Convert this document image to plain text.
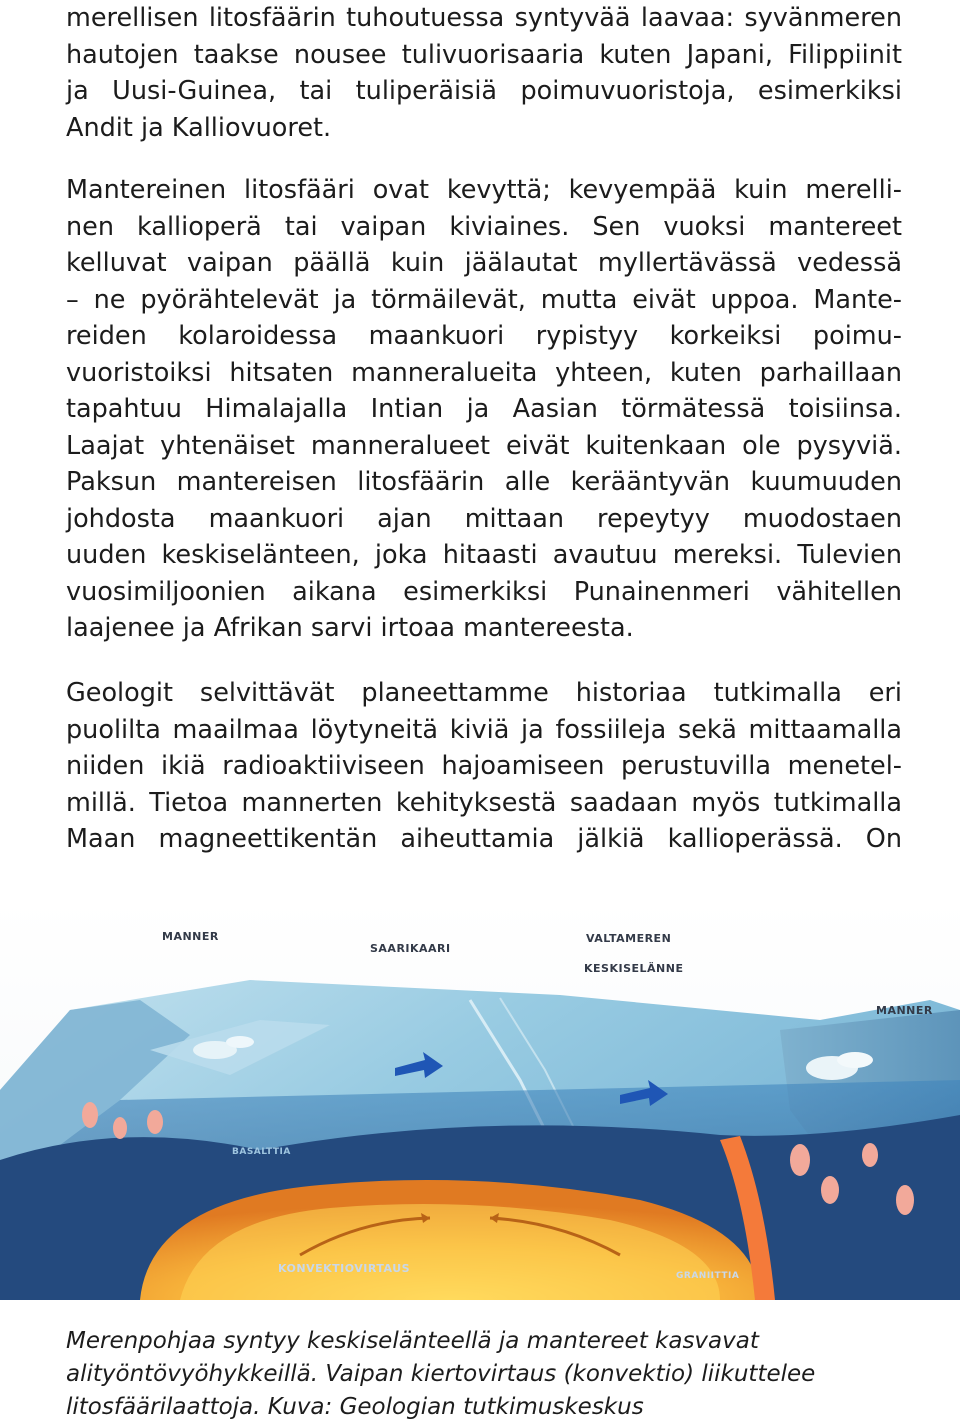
merellisen litosfäärin tuhoutuessa syntyvää laavaa: syvänmeren
hautojen taakse nousee tulivuorisaaria kuten Japani, Filippiinit
ja Uusi-Guinea, tai tuliperäisiä poimuvuoristoja, esimerkiksi
Andit ja Kalliovuoret.
Mantereinen litosfääri ovat kevyttä; kevyempää kuin merelli-
nen kallioperä tai vaipan kiviaines. Sen vuoksi mantereet
kelluvat vaipan päällä kuin jäälautat myllertävässä vedessä
– ne pyörähtelevät ja törmäilevät, mutta eivät uppoa. Mante-
reiden kolaroidessa maankuori rypistyy korkeiksi poimu-
vuoristoiksi hitsaten manneralueita yhteen, kuten parhaillaan
tapahtuu Himalajalla Intian ja Aasian törmätessä toisiinsa.
Laajat yhtenäiset manneralueet eivät kuitenkaan ole pysyviä.
Paksun mantereisen litosfäärin alle kerääntyvän kuumuuden
johdosta maankuori ajan mittaan repeytyy muodostaen
uuden keskiselänteen, joka hitaasti avautuu mereksi. Tulevien
vuosimiljoonien aikana esimerkiksi Punainenmeri vähitellen
laajenee ja Afrikan sarvi irtoaa mantereesta.
Geologit selvittävät planeettamme historiaa tutkimalla eri
puolilta maailmaa löytyneitä kiviä ja fossiileja sekä mittaamalla
niiden ikiä radioaktiiviseen hajoamiseen perustuvilla menetel-
millä. Tietoa mannerten kehityksestä saadaan myös tutkimalla
Maan magneettikentän aiheuttamia jälkiä kallioperässä. On
MANNER
SAARIKAARI
VALTAMEREN
KESKISELÄNNE
MANNER
BASALTTIA
KONVEKTIOVIRTAUS
GRANIITTIA
Merenpohjaa syntyy keskiselänteellä ja mantereet kasvavat
alityöntövyöhykkeillä. Vaipan kiertovirtaus (konvektio) liikuttelee
litosfäärilaattoja. Kuva: Geologian tutkimuskeskus
